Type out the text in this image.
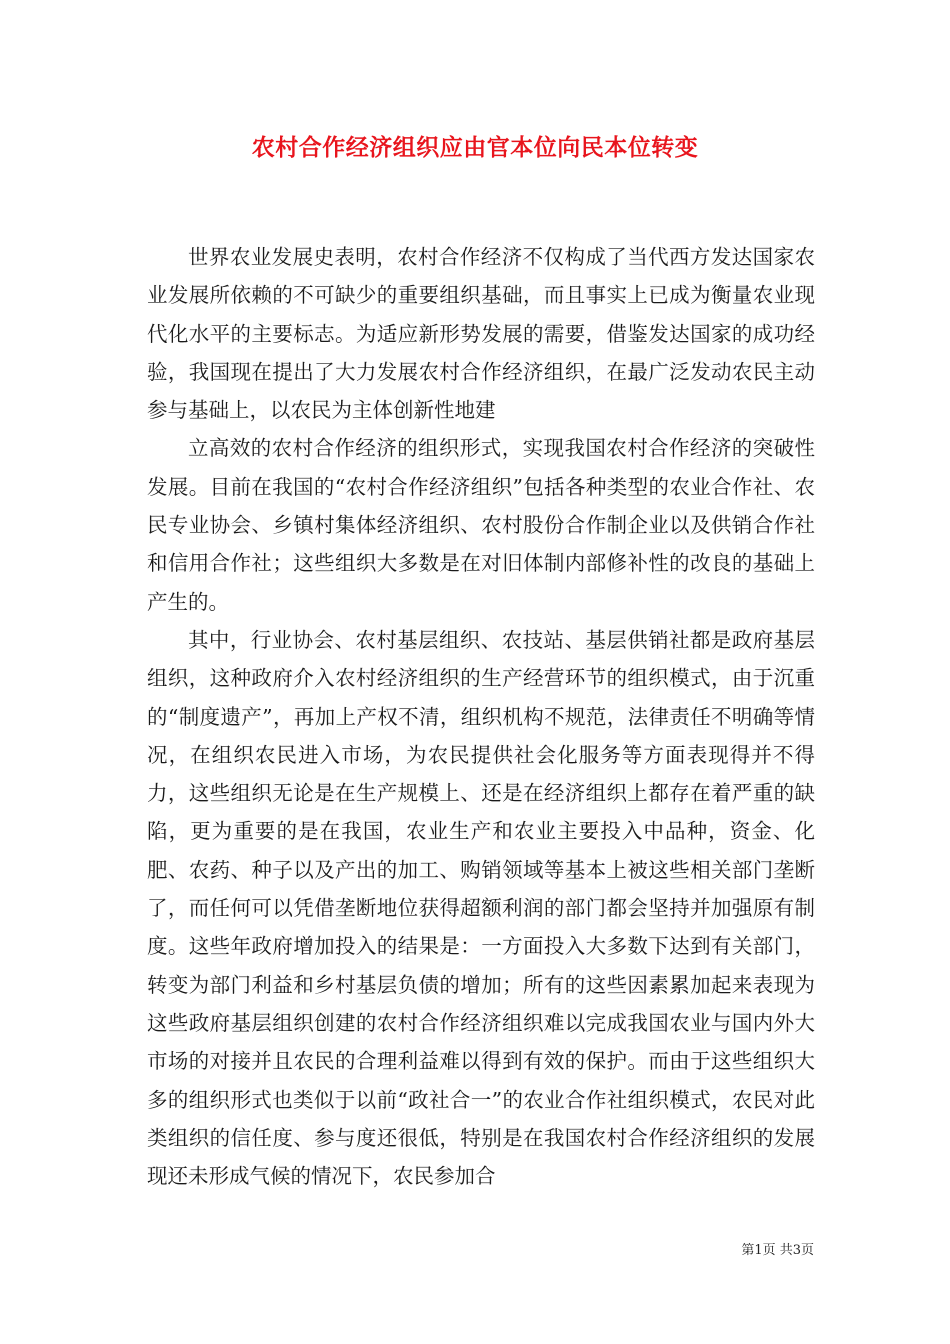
农村合作经济组织应由官本位向民本位转变

世界农业发展史表明，农村合作经济不仅构成了当代西方发达国家农业发展所依赖的不可缺少的重要组织基础，而且事实上已成为衡量农业现代化水平的主要标志。为适应新形势发展的需要，借鉴发达国家的成功经验，我国现在提出了大力发展农村合作经济组织，在最广泛发动农民主动参与基础上，以农民为主体创新性地建

立高效的农村合作经济的组织形式，实现我国农村合作经济的突破性发展。目前在我国的“农村合作经济组织”包括各种类型的农业合作社、农民专业协会、乡镇村集体经济组织、农村股份合作制企业以及供销合作社和信用合作社；这些组织大多数是在对旧体制内部修补性的改良的基础上产生的。

其中，行业协会、农村基层组织、农技站、基层供销社都是政府基层组织，这种政府介入农村经济组织的生产经营环节的组织模式，由于沉重的“制度遗产”，再加上产权不清，组织机构不规范，法律责任不明确等情况，在组织农民进入市场，为农民提供社会化服务等方面表现得并不得力，这些组织无论是在生产规模上、还是在经济组织上都存在着严重的缺陷，更为重要的是在我国，农业生产和农业主要投入中品种，资金、化肥、农药、种子以及产出的加工、购销领域等基本上被这些相关部门垄断了，而任何可以凭借垄断地位获得超额利润的部门都会坚持并加强原有制度。这些年政府增加投入的结果是：一方面投入大多数下达到有关部门，转变为部门利益和乡村基层负债的增加；所有的这些因素累加起来表现为这些政府基层组织创建的农村合作经济组织难以完成我国农业与国内外大市场的对接并且农民的合理利益难以得到有效的保护。而由于这些组织大多的组织形式也类似于以前“政社合一”的农业合作社组织模式，农民对此类组织的信任度、参与度还很低，特别是在我国农村合作经济组织的发展现还未形成气候的情况下，农民参加合

第1页 共3页
